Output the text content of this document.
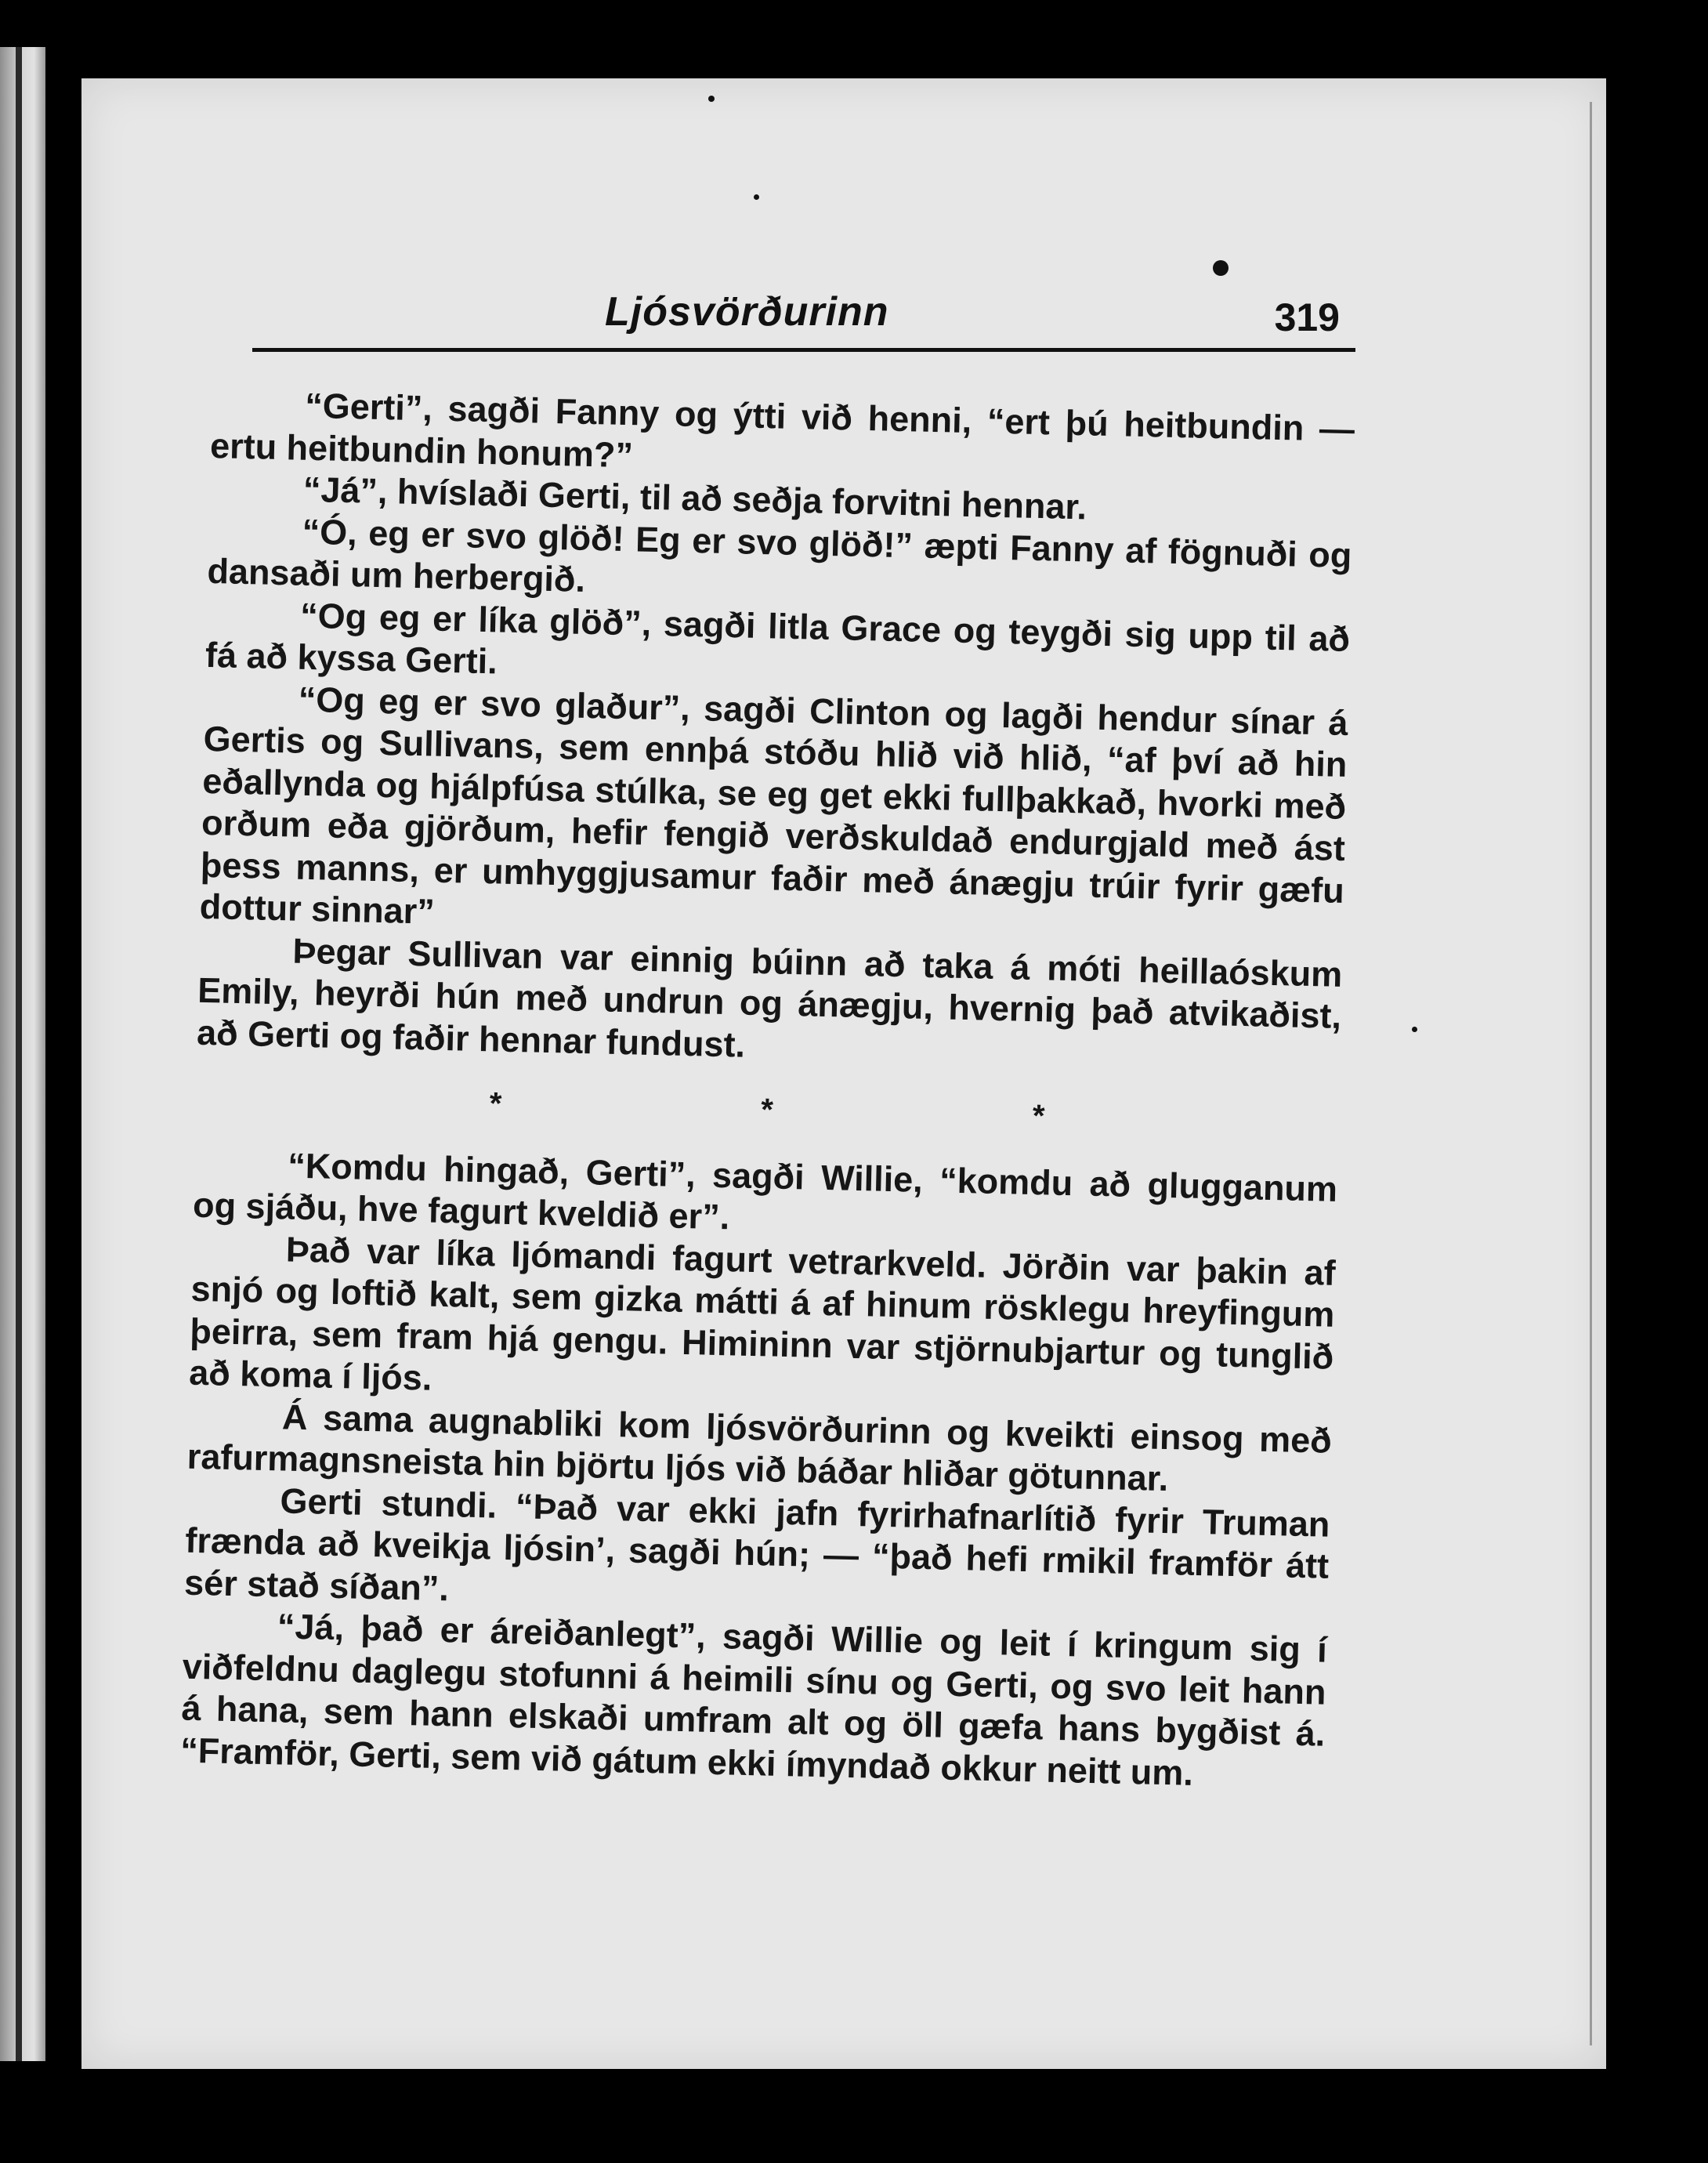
Ljósvörðurinn	319

“Gerti”, sagði Fanny og ýtti við henni, “ert þú heitbundin — ertu heitbundin honum?”

“Já”, hvíslaði Gerti, til að seðja forvitni hennar.

“Ó, eg er svo glöð! Eg er svo glöð!” æpti Fanny af fögnuði og dansaði um herbergið.

“Og eg er líka glöð”, sagði litla Grace og teygði sig upp til að fá að kyssa Gerti.

“Og eg er svo glaður”, sagði Clinton og lagði hendur sínar á Gertis og Sullivans, sem ennþá stóðu hlið við hlið, “af því að hin eðallynda og hjálpfúsa stúlka, se eg get ekki fullþakkað, hvorki með orðum eða gjörðum, hefir fengið verðskuldað endurgjald með ást þess manns, er umhyggjusamur faðir með ánægju trúir fyrir gæfu dottur sinnar”

Þegar Sullivan var einnig búinn að taka á móti heillaóskum Emily, heyrði hún með undrun og ánægju, hvernig það atvikaðist, að Gerti og faðir hennar fundust.

* * *

“Komdu hingað, Gerti”, sagði Willie, “komdu að glugganum og sjáðu, hve fagurt kveldið er”.

Það var líka ljómandi fagurt vetrarkveld. Jörðin var þakin af snjó og loftið kalt, sem gizka mátti á af hinum rösklegu hreyfingum þeirra, sem fram hjá gengu. Himininn var stjörnubjartur og tunglið að koma í ljós.

Á sama augnabliki kom ljósvörðurinn og kveikti einsog með rafurmagnsneista hin björtu ljós við báðar hliðar götunnar.

Gerti stundi. “Það var ekki jafn fyrirhafnarlítið fyrir Truman frænda að kveikja ljósin’, sagði hún; — “það hefi rmikil framför átt sér stað síðan”.

“Já, það er áreiðanlegt”, sagði Willie og leit í kringum sig í viðfeldnu daglegu stofunni á heimili sínu og Gerti, og svo leit hann á hana, sem hann elskaði umfram alt og öll gæfa hans bygðist á. “Framför, Gerti, sem við gátum ekki ímyndað okkur neitt um.
